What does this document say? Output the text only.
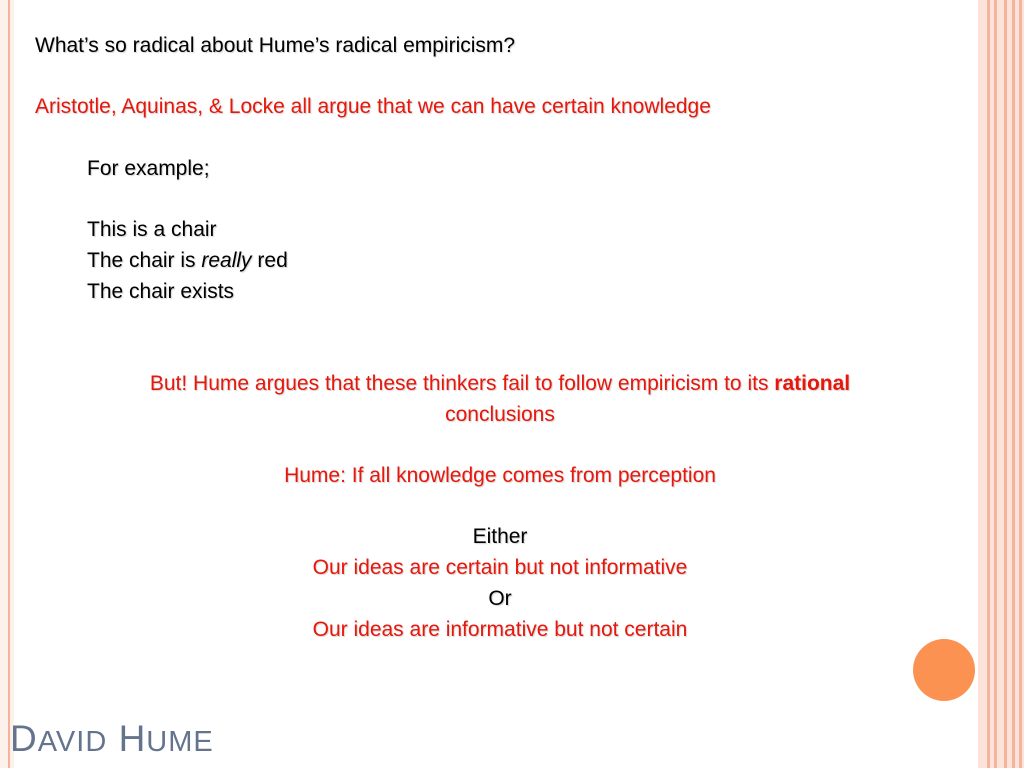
What’s so radical about Hume’s radical empiricism?

Aristotle, Aquinas, & Locke all argue that we can have certain knowledge

For example;

This is a chair

The chair is really red

The chair exists

But! Hume argues that these thinkers fail to follow empiricism to its rational

conclusions

Hume: If all knowledge comes from perception

Either

Our ideas are certain but not informative

Or

Our ideas are informative but not certain

DAVID HUME
